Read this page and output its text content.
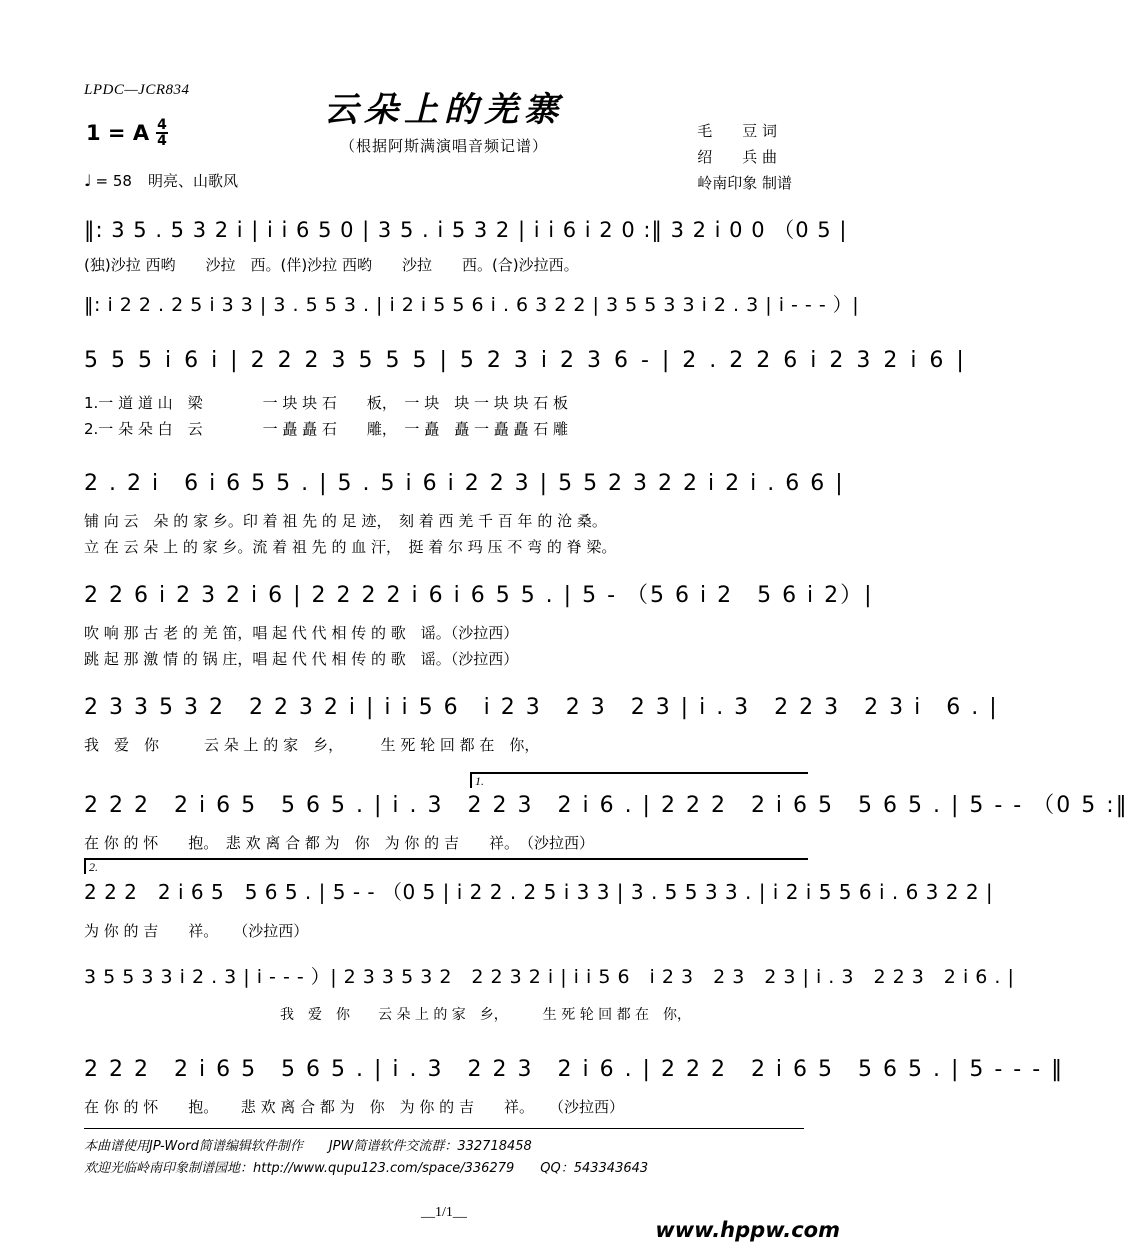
LPDC—JCR834	云朵上的羌寨
（根据阿斯满演唱音频记谱）
1 = A $\frac{4}{4}$
♩ = 58 明亮、山歌风
毛　　豆 词
绍　　兵 曲
岭南印象 制谱
‖: 3 5 . 5 3 2 i | i i 6 5 0 | 3 5 . i 5 3 2 | i i 6 i 2 0 :‖ 3 2 i 0 0 （0 5 |
(独)沙拉 西哟　　沙拉　西。(伴)沙拉 西哟　　沙拉　　西。(合)沙拉西。
‖: i 2 2 . 2 5 i 3 3 | 3 . 5 5 3 . | i 2 i 5 5 6 i . 6 3 2 2 | 3 5 5 3 3 i 2 . 3 | i - - - ）|
5 5 5 i 6 i | 2 2 2 3 5 5 5 | 5 2 3 i 2 3 6 - | 2 . 2 2 6 i 2 3 2 i 6 |
1.一 道 道 山　梁　　　　一 块 块 石　　板，　一 块　块 一 块 块 石 板
2.一 朵 朵 白　云　　　　一 矗 矗 石　　雕，　一 矗　矗 一 矗 矗 石 雕
2 . 2 i　6 i 6 5 5 . | 5 . 5 i 6 i 2 2 3 | 5 5 2 3 2 2 i 2 i . 6 6 |
铺 向 云　朵 的 家 乡。印 着 祖 先 的 足 迹，　刻 着 西 羌 千 百 年 的 沧 桑。
立 在 云 朵 上 的 家 乡。流 着 祖 先 的 血 汗，　挺 着 尔 玛 压 不 弯 的 脊 梁。
2 2 6 i 2 3 2 i 6 | 2 2 2 2 i 6 i 6 5 5 . | 5 - （5 6 i 2　5 6 i 2）|
吹 响 那 古 老 的 羌 笛，唱 起 代 代 相 传 的 歌　谣。（沙拉西）
跳 起 那 激 情 的 锅 庄，唱 起 代 代 相 传 的 歌　谣。（沙拉西）
2 3 3 5 3 2　2 2 3 2 i | i i 5 6　i 2 3　2 3　2 3 | i . 3　2 2 3　2 3 i　6 . |
我　爱　你　　　云 朵 上 的 家　乡，　　　生 死 轮 回 都 在　你，
1.
2 2 2　2 i 6 5　5 6 5 . | i . 3　2 2 3　2 i 6 . | 2 2 2　2 i 6 5　5 6 5 . | 5 - - （0 5 :‖
在 你 的 怀　　抱。　悲 欢 离 合 都 为　你　为 你 的 吉　　祥。　（沙拉西）
2.
2 2 2　2 i 6 5　5 6 5 . | 5 - - （0 5 | i 2 2 . 2 5 i 3 3 | 3 . 5 5 3 3 . | i 2 i 5 5 6 i . 6 3 2 2 |
为 你 的 吉　　祥。　　（沙拉西）
3 5 5 3 3 i 2 . 3 | i - - - ）| 2 3 3 5 3 2　2 2 3 2 i | i i 5 6　i 2 3　2 3　2 3 | i . 3　2 2 3　2 i 6 . |
　　　　　　　　　　　　　　我　爱　你　　云 朵 上 的 家　乡，　　　生 死 轮 回 都 在　你，
2 2 2　2 i 6 5　5 6 5 . | i . 3　2 2 3　2 i 6 . | 2 2 2　2 i 6 5　5 6 5 . | 5 - - - ‖
在 你 的 怀　　抱。　　悲 欢 离 合 都 为　你　为 你 的 吉　　祥。　　（沙拉西）
本曲谱使用JP-Word简谱编辑软件制作 JPW简谱软件交流群：332718458
欢迎光临岭南印象制谱园地：http://www.qupu123.com/space/336279 QQ：543343643
__1/1__
www.hppw.com
